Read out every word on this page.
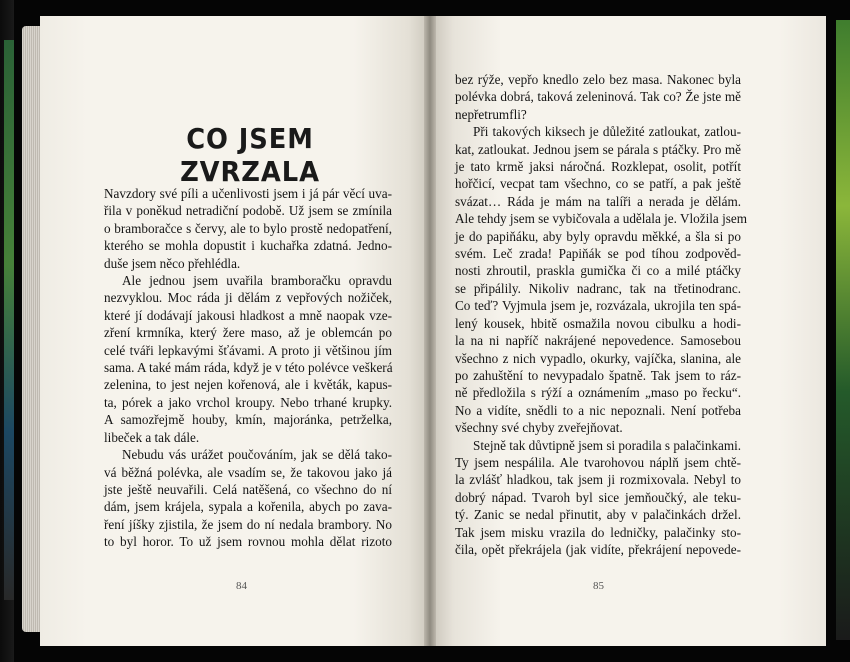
CO JSEM ZVRZALA
Navzdory své píli a učenlivosti jsem i já pár věcí uva-
řila v poněkud netradiční podobě. Už jsem se zmínila
o bramboračce s červy, ale to bylo prostě nedopatření,
kterého se mohla dopustit i kuchařka zdatná. Jedno-
duše jsem něco přehlédla.
Ale jednou jsem uvařila bramboračku opravdu
nezvyklou. Moc ráda ji dělám z vepřových nožiček,
které jí dodávají jakousi hladkost a mně naopak vze-
zření krmníka, který žere maso, až je oblemcán po
celé tváři lepkavými šťávami. A proto ji většinou jím
sama. A také mám ráda, když je v této polévce veškerá
zelenina, to jest nejen kořenová, ale i květák, kapus-
ta, pórek a jako vrchol kroupy. Nebo trhané krupky.
A samozřejmě houby, kmín, majoránka, petrželka,
libeček a tak dále.
Nebudu vás urážet poučováním, jak se dělá tako-
vá běžná polévka, ale vsadím se, že takovou jako já
jste ještě neuvařili. Celá natěšená, co všechno do ní
dám, jsem krájela, sypala a kořenila, abych po zava-
ření jíšky zjistila, že jsem do ní nedala brambory. No
to byl horor. To už jsem rovnou mohla dělat rizoto
84
bez rýže, vepřo knedlo zelo bez masa. Nakonec byla
polévka dobrá, taková zeleninová. Tak co? Že jste mě
nepřetrumfli?
Při takových kiksech je důležité zatloukat, zatlou-
kat, zatloukat. Jednou jsem se párala s ptáčky. Pro mě
je tato krmě jaksi náročná. Rozklepat, osolit, potřít
hořčicí, vecpat tam všechno, co se patří, a pak ještě
svázat… Ráda je mám na talíři a nerada je dělám.
Ale tehdy jsem se vybičovala a udělala je. Vložila jsem
je do papiňáku, aby byly opravdu měkké, a šla si po
svém. Leč zrada! Papiňák se pod tíhou zodpověd-
nosti zhroutil, praskla gumička či co a milé ptáčky
se připálily. Nikoliv nadranc, tak na třetinodranc.
Co teď? Vyjmula jsem je, rozvázala, ukrojila ten spá-
lený kousek, hbitě osmažila novou cibulku a hodi-
la na ni napříč nakrájené nepovedence. Samosebou
všechno z nich vypadlo, okurky, vajíčka, slanina, ale
po zahuštění to nevypadalo špatně. Tak jsem to ráz-
ně předložila s rýží a oznámením „maso po řecku“.
No a vidíte, snědli to a nic nepoznali. Není potřeba
všechny své chyby zveřejňovat.
Stejně tak důvtipně jsem si poradila s palačinkami.
Ty jsem nespálila. Ale tvarohovou náplň jsem chtě-
la zvlášť hladkou, tak jsem ji rozmixovala. Nebyl to
dobrý nápad. Tvaroh byl sice jemňoučký, ale teku-
tý. Zanic se nedal přinutit, aby v palačinkách držel.
Tak jsem misku vrazila do ledničky, palačinky sto-
čila, opět překrájela (jak vidíte, překrájení nepovede-
85
